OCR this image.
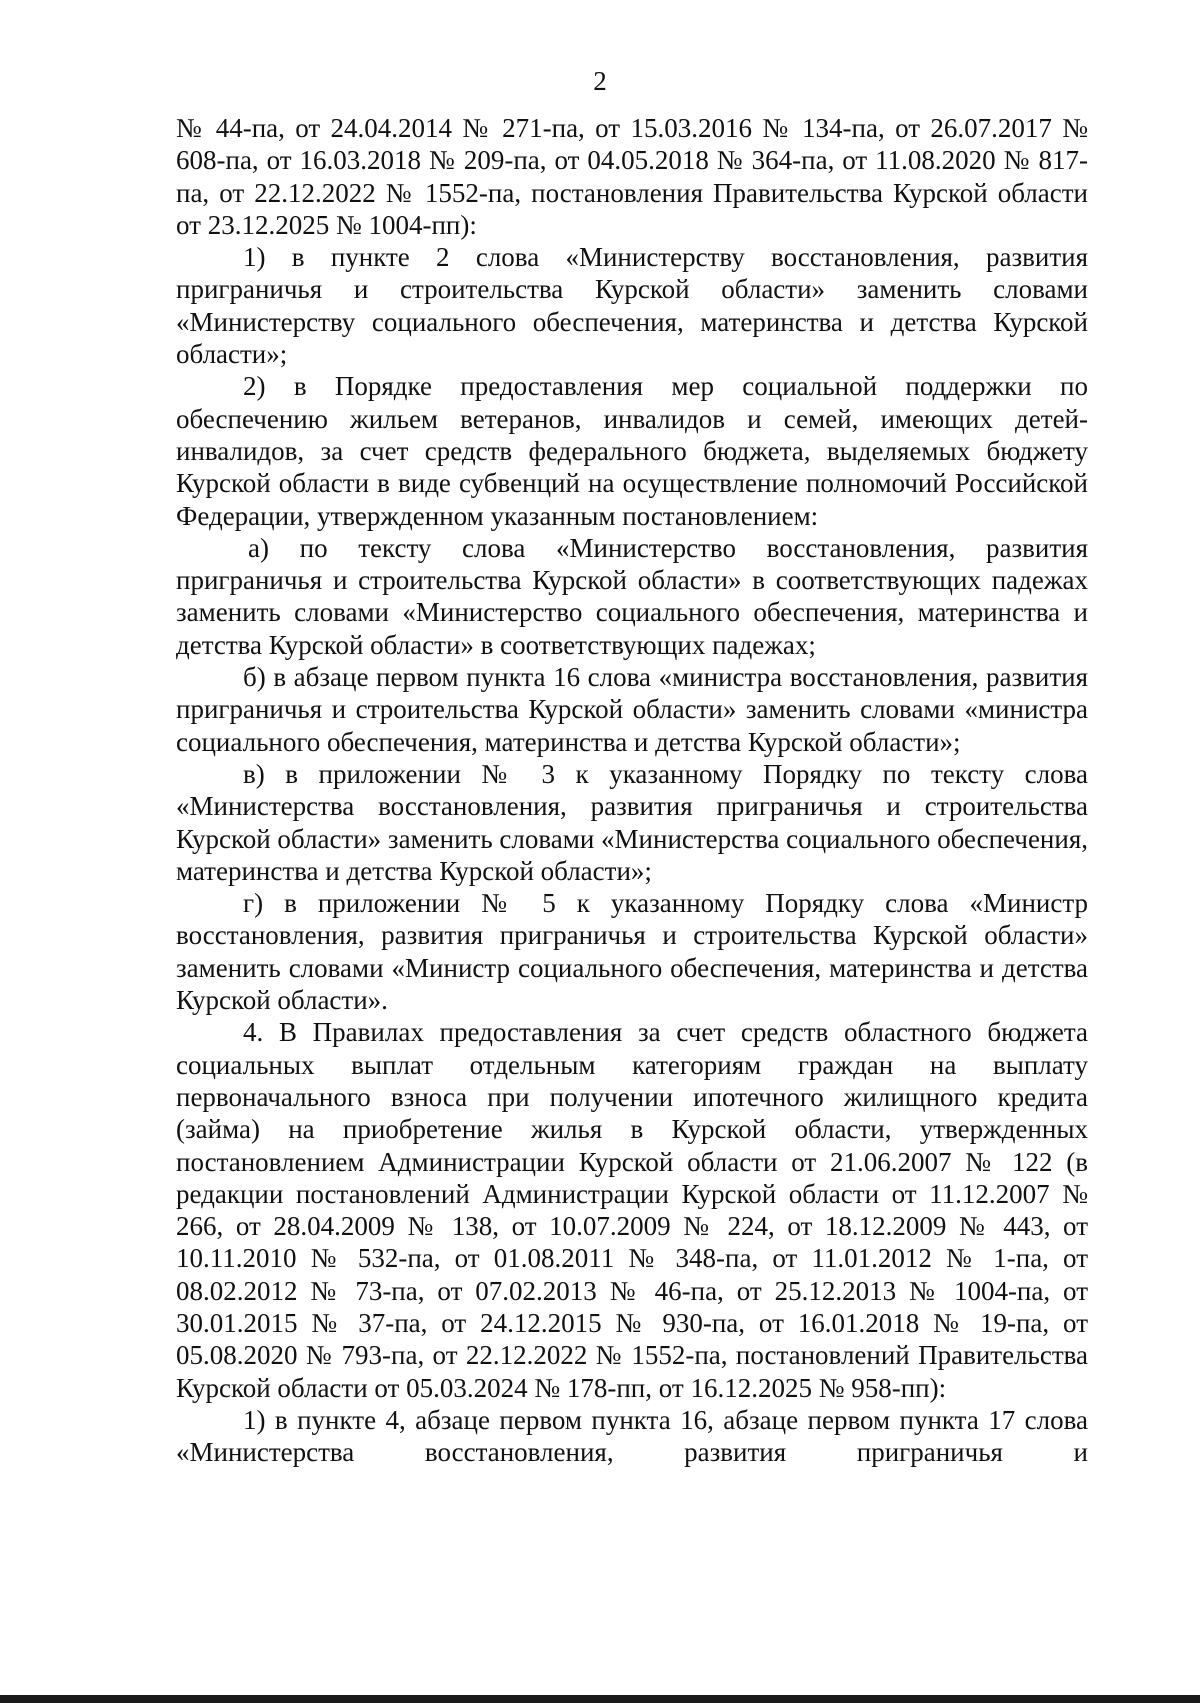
2

№ 44-па, от 24.04.2014 № 271-па, от 15.03.2016 № 134-па, от 26.07.2017 № 608-па, от 16.03.2018 № 209-па, от 04.05.2018 № 364-па, от 11.08.2020 № 817-па, от 22.12.2022 № 1552-па, постановления Правительства Курской области от 23.12.2025 № 1004-пп):

1) в пункте 2 слова «Министерству восстановления, развития приграничья и строительства Курской области» заменить словами «Министерству социального обеспечения, материнства и детства Курской области»;

2) в Порядке предоставления мер социальной поддержки по обеспечению жильем ветеранов, инвалидов и семей, имеющих детей-инвалидов, за счет средств федерального бюджета, выделяемых бюджету Курской области в виде субвенций на осуществление полномочий Российской Федерации, утвержденном указанным постановлением:

а) по тексту слова «Министерство восстановления, развития приграничья и строительства Курской области» в соответствующих падежах заменить словами «Министерство социального обеспечения, материнства и детства Курской области» в соответствующих падежах;

б) в абзаце первом пункта 16 слова «министра восстановления, развития приграничья и строительства Курской области» заменить словами «министра социального обеспечения, материнства и детства Курской области»;

в) в приложении № 3 к указанному Порядку по тексту слова «Министерства восстановления, развития приграничья и строительства Курской области» заменить словами «Министерства социального обеспечения, материнства и детства Курской области»;

г) в приложении № 5 к указанному Порядку слова «Министр восстановления, развития приграничья и строительства Курской области» заменить словами «Министр социального обеспечения, материнства и детства Курской области».

4. В Правилах предоставления за счет средств областного бюджета социальных выплат отдельным категориям граждан на выплату первоначального взноса при получении ипотечного жилищного кредита (займа) на приобретение жилья в Курской области, утвержденных постановлением Администрации Курской области от 21.06.2007 № 122 (в редакции постановлений Администрации Курской области от 11.12.2007 № 266, от 28.04.2009 № 138, от 10.07.2009 № 224, от 18.12.2009 № 443, от 10.11.2010 № 532-па, от 01.08.2011 № 348-па, от 11.01.2012 № 1-па, от 08.02.2012 № 73-па, от 07.02.2013 № 46-па, от 25.12.2013 № 1004-па, от 30.01.2015 № 37-па, от 24.12.2015 № 930-па, от 16.01.2018 № 19-па, от 05.08.2020 № 793-па, от 22.12.2022 № 1552-па, постановлений Правительства Курской области от 05.03.2024 № 178-пп, от 16.12.2025 № 958-пп):

1) в пункте 4, абзаце первом пункта 16, абзаце первом пункта 17 слова «Министерства восстановления, развития приграничья и
